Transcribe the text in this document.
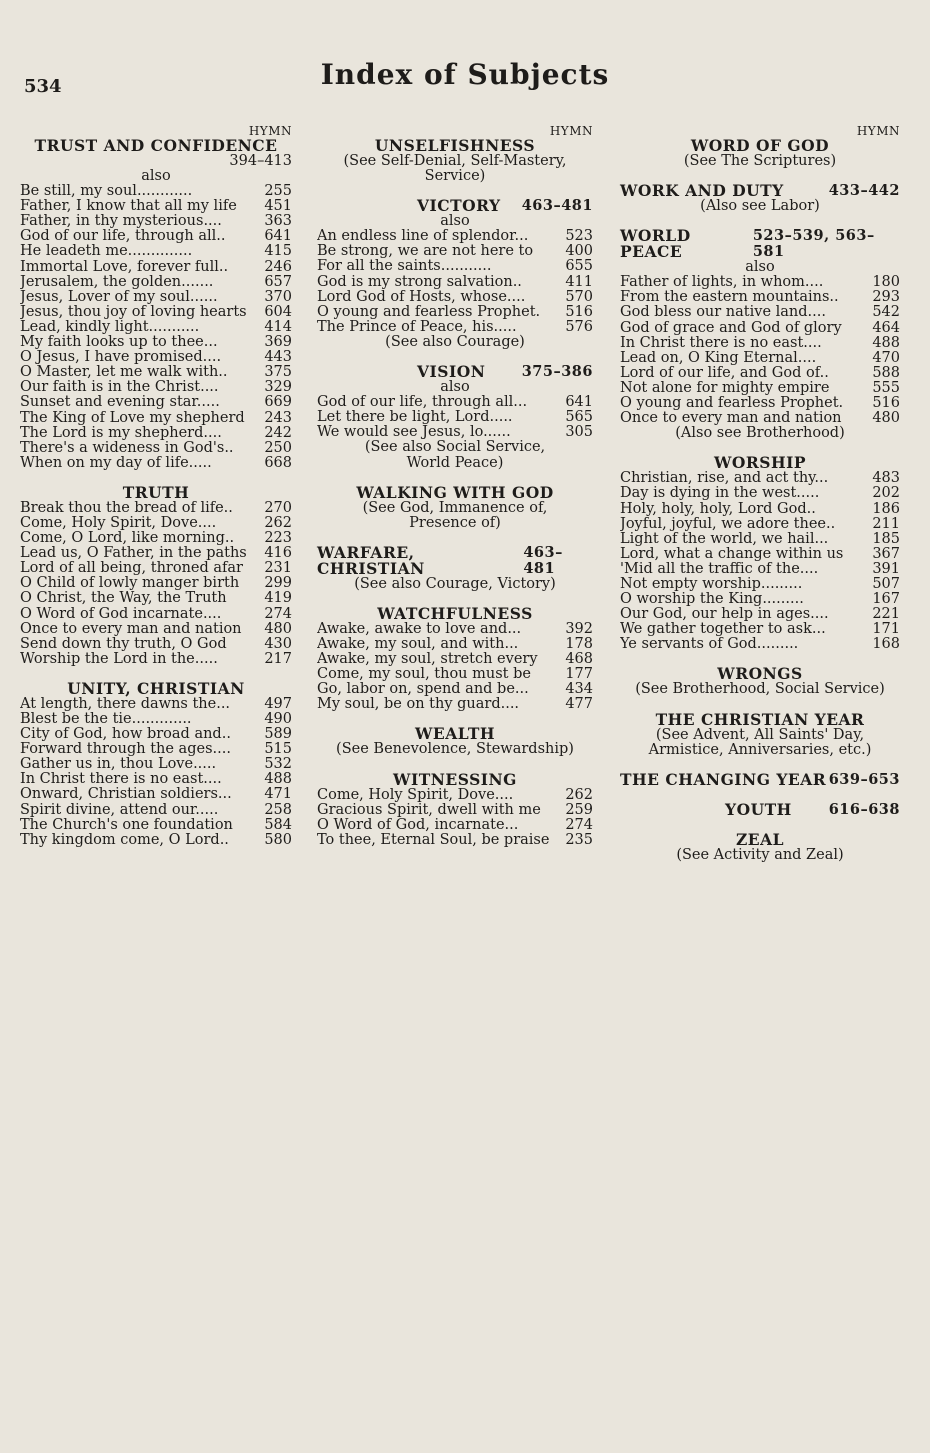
534	Index of Subjects
HYMN
TRUST AND CONFIDENCE
394–413
also
Be still, my soul............	255
Father, I know that all my life 451
Father, in thy mysterious....	363
God of our life, through all..	641
He leadeth me..............	415
Immortal Love, forever full.. 246
Jerusalem, the golden.......	657
Jesus, Lover of my soul......	370
Jesus, thou joy of loving hearts 604
Lead, kindly light...........	414
My faith looks up to thee...	369
O Jesus, I have promised....	443
O Master, let me walk with..	375
Our faith is in the Christ....	329
Sunset and evening star.....	669
The King of Love my shepherd 243
The Lord is my shepherd....	242
There's a wideness in God's.. 250
When on my day of life.....	668
TRUTH
Break thou the bread of life.. 270
Come, Holy Spirit, Dove....	262
Come, O Lord, like morning.. 223
Lead us, O Father, in the paths 416
Lord of all being, throned afar 231
O Child of lowly manger birth 299
O Christ, the Way, the Truth	419
O Word of God incarnate....	274
Once to every man and nation 480
Send down thy truth, O God	430
Worship the Lord in the.....	217
UNITY, CHRISTIAN
At length, there dawns the... 497
Blest be the tie.............	490
City of God, how broad and.. 589
Forward through the ages.... 515
Gather us in, thou Love.....	532
In Christ there is no east....	488
Onward, Christian soldiers... 471
Spirit divine, attend our.....	258
The Church's one foundation 584
Thy kingdom come, O Lord.. 580
HYMN
UNSELFISHNESS
(See Self-Denial, Self-Mastery,
Service)
VICTORY 463–481
also
An endless line of splendor...	523
Be strong, we are not here to 400
For all the saints...........	655
God is my strong salvation..	411
Lord God of Hosts, whose....	570
O young and fearless Prophet. 516
The Prince of Peace, his.....	576
(See also Courage)
VISION	375–386
also
God of our life, through all...	641
Let there be light, Lord.....	565
We would see Jesus, lo......	305
(See also Social Service,
World Peace)
WALKING WITH GOD
(See God, Immanence of,
Presence of)
WARFARE, CHRISTIAN
463–481
(See also Courage, Victory)
WATCHFULNESS
Awake, awake to love and...	392
Awake, my soul, and with...	178
Awake, my soul, stretch every 468
Come, my soul, thou must be 177
Go, labor on, spend and be...	434
My soul, be on thy guard....	477
WEALTH
(See Benevolence, Stewardship)
WITNESSING
Come, Holy Spirit, Dove....	262
Gracious Spirit, dwell with me 259
O Word of God, incarnate...	274
To thee, Eternal Soul, be praise 235
HYMN
WORD OF GOD
(See The Scriptures)
WORK AND DUTY	433–442
(Also see Labor)
WORLD PEACE
523–539, 563–581
also
Father of lights, in whom....	180
From the eastern mountains.. 293
God bless our native land....	542
God of grace and God of glory 464
In Christ there is no east....	488
Lead on, O King Eternal....	470
Lord of our life, and God of..	588
Not alone for mighty empire	555
O young and fearless Prophet. 516
Once to every man and nation 480
(Also see Brotherhood)
WORSHIP
Christian, rise, and act thy...	483
Day is dying in the west.....	202
Holy, holy, holy, Lord God..	186
Joyful, joyful, we adore thee..	211
Light of the world, we hail...	185
Lord, what a change within us 367
'Mid all the traffic of the....	391
Not empty worship.........	507
O worship the King.........	167
Our God, our help in ages....	221
We gather together to ask...	171
Ye servants of God.........	168
WRONGS
(See Brotherhood, Social Service)
THE CHRISTIAN YEAR
(See Advent, All Saints' Day,
Armistice, Anniversaries, etc.)
THE CHANGING YEAR 639–653
YOUTH	616–638
ZEAL
(See Activity and Zeal)
